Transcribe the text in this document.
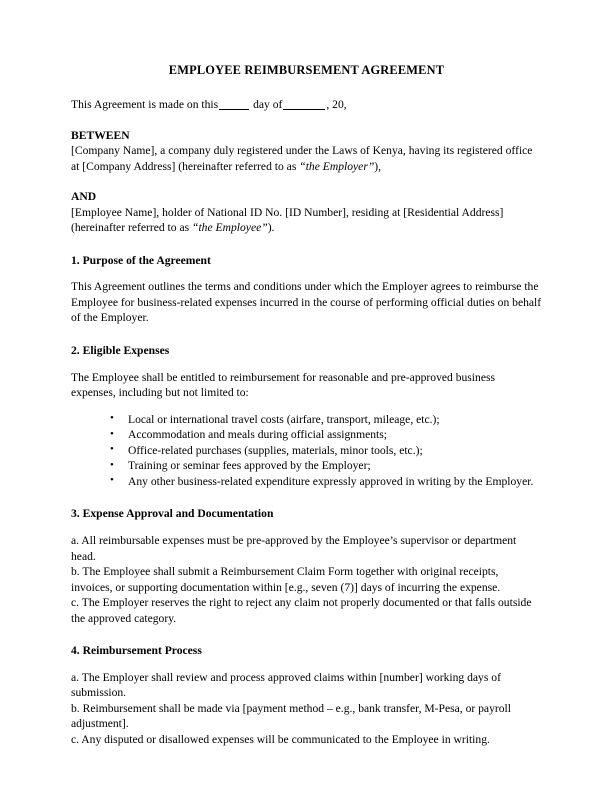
EMPLOYEE REIMBURSEMENT AGREEMENT

This Agreement is made on this	day of	, 20,

BETWEEN

[Company Name], a company duly registered under the Laws of Kenya, having its registered office at [Company Address] (hereinafter referred to as “the Employer”),

AND

[Employee Name], holder of National ID No. [ID Number], residing at [Residential Address] (hereinafter referred to as “the Employee”).

1. Purpose of the Agreement

This Agreement outlines the terms and conditions under which the Employer agrees to reimburse the Employee for business-related expenses incurred in the course of performing official duties on behalf of the Employer.

2. Eligible Expenses

The Employee shall be entitled to reimbursement for reasonable and pre-approved business expenses, including but not limited to:

• Local or international travel costs (airfare, transport, mileage, etc.);
• Accommodation and meals during official assignments;
• Office-related purchases (supplies, materials, minor tools, etc.);
• Training or seminar fees approved by the Employer;
• Any other business-related expenditure expressly approved in writing by the Employer.

3. Expense Approval and Documentation

a. All reimbursable expenses must be pre-approved by the Employee’s supervisor or department head.

b. The Employee shall submit a Reimbursement Claim Form together with original receipts, invoices, or supporting documentation within [e.g., seven (7)] days of incurring the expense.

c. The Employer reserves the right to reject any claim not properly documented or that falls outside the approved category.

4. Reimbursement Process

a. The Employer shall review and process approved claims within [number] working days of submission.

b. Reimbursement shall be made via [payment method – e.g., bank transfer, M-Pesa, or payroll adjustment].

c. Any disputed or disallowed expenses will be communicated to the Employee in writing.
